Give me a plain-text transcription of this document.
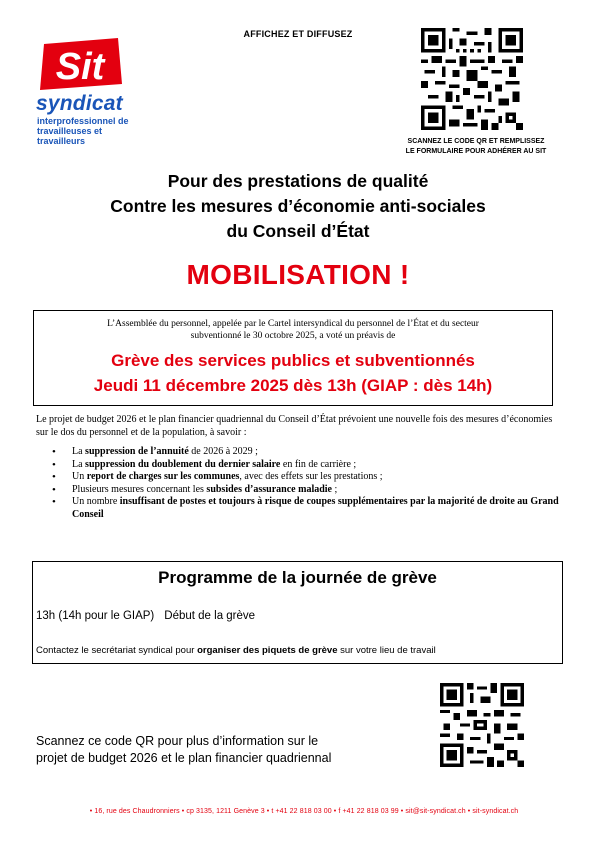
Sit
syndicat
interprofessionnel de travailleuses et travailleurs
AFFICHEZ ET DIFFUSEZ
SCANNEZ LE CODE QR ET REMPLISSEZ
LE FORMULAIRE POUR ADHÉRER AU SIT
Pour des prestations de qualité
Contre les mesures d’économie anti-sociales
du Conseil d’État
MOBILISATION !
L’Assemblée du personnel, appelée par le Cartel intersyndical du personnel de l’État et du secteur
subventionné le 30 octobre 2025, a voté un préavis de
Grève des services publics et subventionnés
Jeudi 11 décembre 2025 dès 13h (GIAP : dès 14h)
Le projet de budget 2026 et le plan financier quadriennal du Conseil d’État prévoient une nouvelle fois des mesures d’économies sur le dos du personnel et de la population, à savoir :
• La suppression de l’annuité de 2026 à 2029 ;
• La suppression du doublement du dernier salaire en fin de carrière ;
• Un report de charges sur les communes, avec des effets sur les prestations ;
• Plusieurs mesures concernant les subsides d’assurance maladie ;
• Un nombre insuffisant de postes et toujours à risque de coupes supplémentaires par la majorité de droite au Grand Conseil
Programme de la journée de grève
13h (14h pour le GIAP) Début de la grève
Contactez le secrétariat syndical pour organiser des piquets de grève sur votre lieu de travail
Scannez ce code QR pour plus d’information sur le
projet de budget 2026 et le plan financier quadriennal
• 16, rue des Chaudronniers • cp 3135, 1211 Genève 3 • t +41 22 818 03 00 • f +41 22 818 03 99 • sit@sit-syndicat.ch • sit-syndicat.ch
